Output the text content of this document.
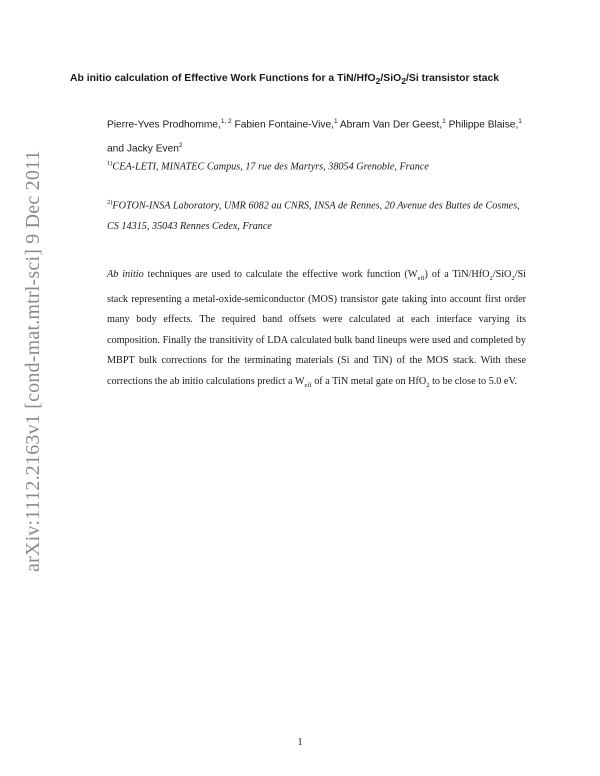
arXiv:1112.2163v1 [cond-mat.mtrl-sci] 9 Dec 2011
Ab initio calculation of Effective Work Functions for a TiN/HfO$_2$/SiO$_2$/Si transistor stack
Pierre-Yves Prodhomme,$^{1, 2}$ Fabien Fontaine-Vive,$^1$ Abram Van Der Geest,$^1$ Philippe Blaise,$^1$ and Jacky Even$^2$
$^{1)}$CEA-LETI, MINATEC Campus, 17 rue des Martyrs, 38054 Grenoble, France
$^{2)}$FOTON-INSA Laboratory, UMR 6082 au CNRS, INSA de Rennes, 20 Avenue des Buttes de Cosmes, CS 14315, 35043 Rennes Cedex, France
Ab initio techniques are used to calculate the effective work function $(W_{eff})$ of a TiN/HfO$_2$/SiO$_2$/Si stack representing a metal-oxide-semiconductor (MOS) transistor gate taking into account first order many body effects. The required band offsets were calculated at each interface varying its composition. Finally the transitivity of LDA calculated bulk band lineups were used and completed by MBPT bulk corrections for the terminating materials (Si and TiN) of the MOS stack. With these corrections the ab initio calculations predict a $W_{eff}$ of a TiN metal gate on HfO$_2$ to be close to 5.0 eV.
1
